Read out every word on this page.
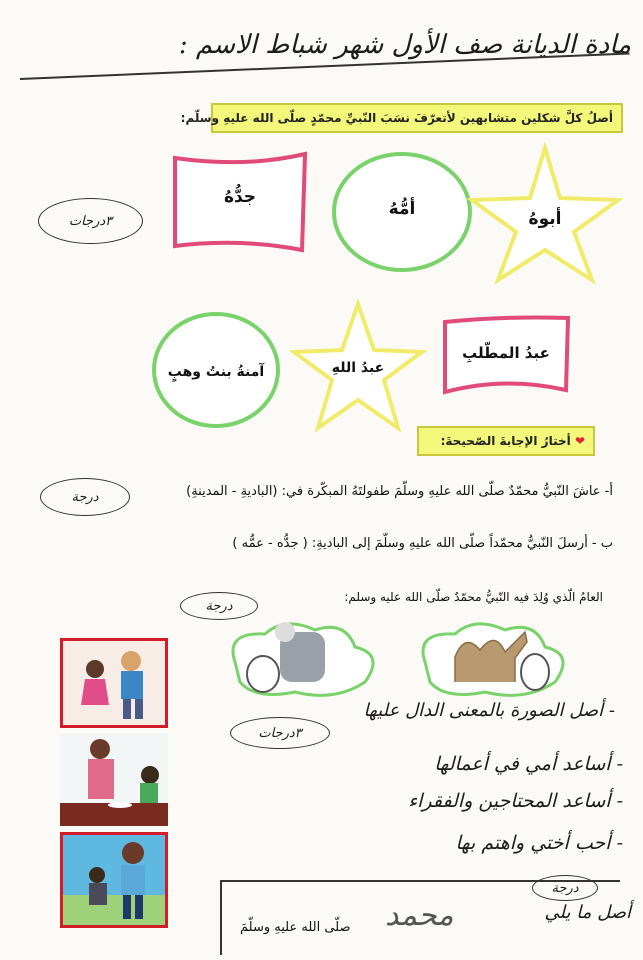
مادة الديانة صف الأول شهر شباط الاسم :
أصلُ كلَّ شكلين متشابهين لأتعرّفَ نسَبَ النّبيِّ محمّدٍ صلّى الله عليهِ وسلّم:
٣درجات
جدُّهُ
أمُّهُ	أبوهُ
آمنةُ بنتُ وهبٍ	عبدُ اللهِ
عبدُ المطّلبِ
❤ أختارُ الإجابةَ الصّحيحةَ:
درجة	أ- عاشَ النّبيُّ محمّدٌ صلّى الله عليهِ وسلّمَ طفولتَهُ المبكّرة في: (الباديةِ - المدينةِ)
ب - أرسلَ النّبيُّ محمّداً صلّى الله عليهِ وسلّمَ إلى الباديةِ: ( جدُّه - عمُّه )
العامُ الّذي وُلِدَ فيه النّبيُّ محمّدٌ صلّى الله عليه وسلم:
درجة
- أصل الصورة بالمعنى الدال عليها
٣درجات
- أساعد أمي في أعمالها
- أساعد المحتاجين والفقراء
- أحب أختي واهتم بها
درجة
أصل ما يلي
محمد
صلّى الله عليهِ وسلّمَ
